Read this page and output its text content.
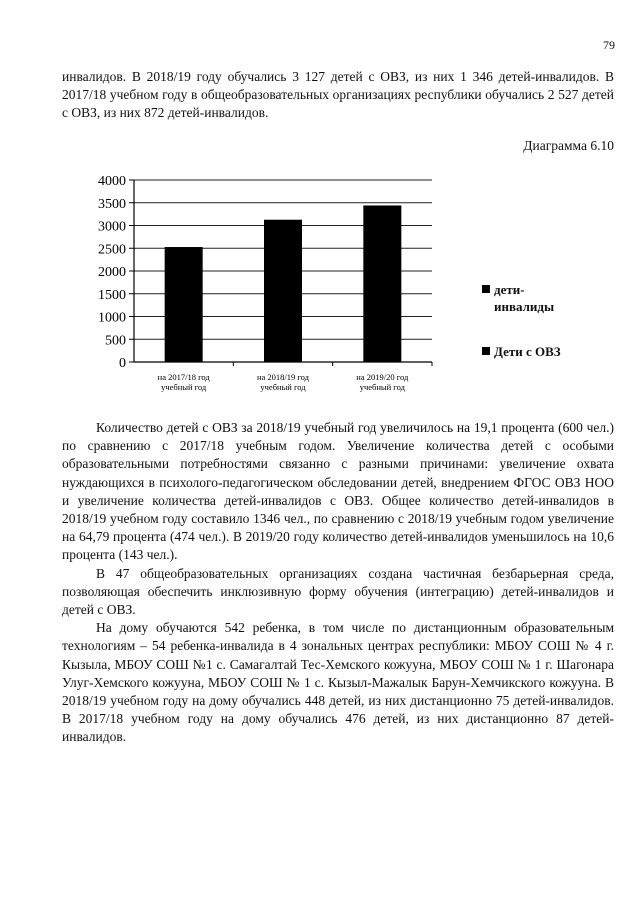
79

инвалидов. В 2018/19 году обучались 3 127 детей с ОВЗ, из них 1 346 детей-инвалидов. В 2017/18 учебном году в общеобразовательных организациях республики обучались 2 527 детей с ОВЗ, из них 872 детей-инвалидов.

Диаграмма 6.10
0
500
1000
1500
2000
2500
3000
3500
4000
на 2017/18 год
учебный год
на 2018/19 год
учебный год
на 2019/20 год
учебный год
дети-
инвалиды
Дети с ОВЗ

Количество детей с ОВЗ за 2018/19 учебный год увеличилось на 19,1 процента (600 чел.) по сравнению с 2017/18 учебным годом. Увеличение количества детей с особыми образовательными потребностями связанно с разными причинами: увеличение охвата нуждающихся в психолого-педагогическом обследовании детей, внедрением ФГОС ОВЗ НОО и увеличение количества детей-инвалидов с ОВЗ. Общее количество детей-инвалидов в 2018/19 учебном году составило 1346 чел., по сравнению с 2018/19 учебным годом увеличение на 64,79 процента (474 чел.). В 2019/20 году количество детей-инвалидов уменьшилось на 10,6 процента (143 чел.).

В 47 общеобразовательных организациях создана частичная безбарьерная среда, позволяющая обеспечить инклюзивную форму обучения (интеграцию) детей-инвалидов и детей с ОВЗ.

На дому обучаются 542 ребенка, в том числе по дистанционным образовательным технологиям – 54 ребенка-инвалида в 4 зональных центрах республики: МБОУ СОШ № 4 г. Кызыла, МБОУ СОШ №1 с. Самагалтай Тес-Хемского кожууна, МБОУ СОШ № 1 г. Шагонара Улуг-Хемского кожууна, МБОУ СОШ № 1 с. Кызыл-Мажалык Барун-Хемчикского кожууна. В 2018/19 учебном году на дому обучались 448 детей, из них дистанционно 75 детей-инвалидов. В 2017/18 учебном году на дому обучались 476 детей, из них дистанционно 87 детей-инвалидов.
